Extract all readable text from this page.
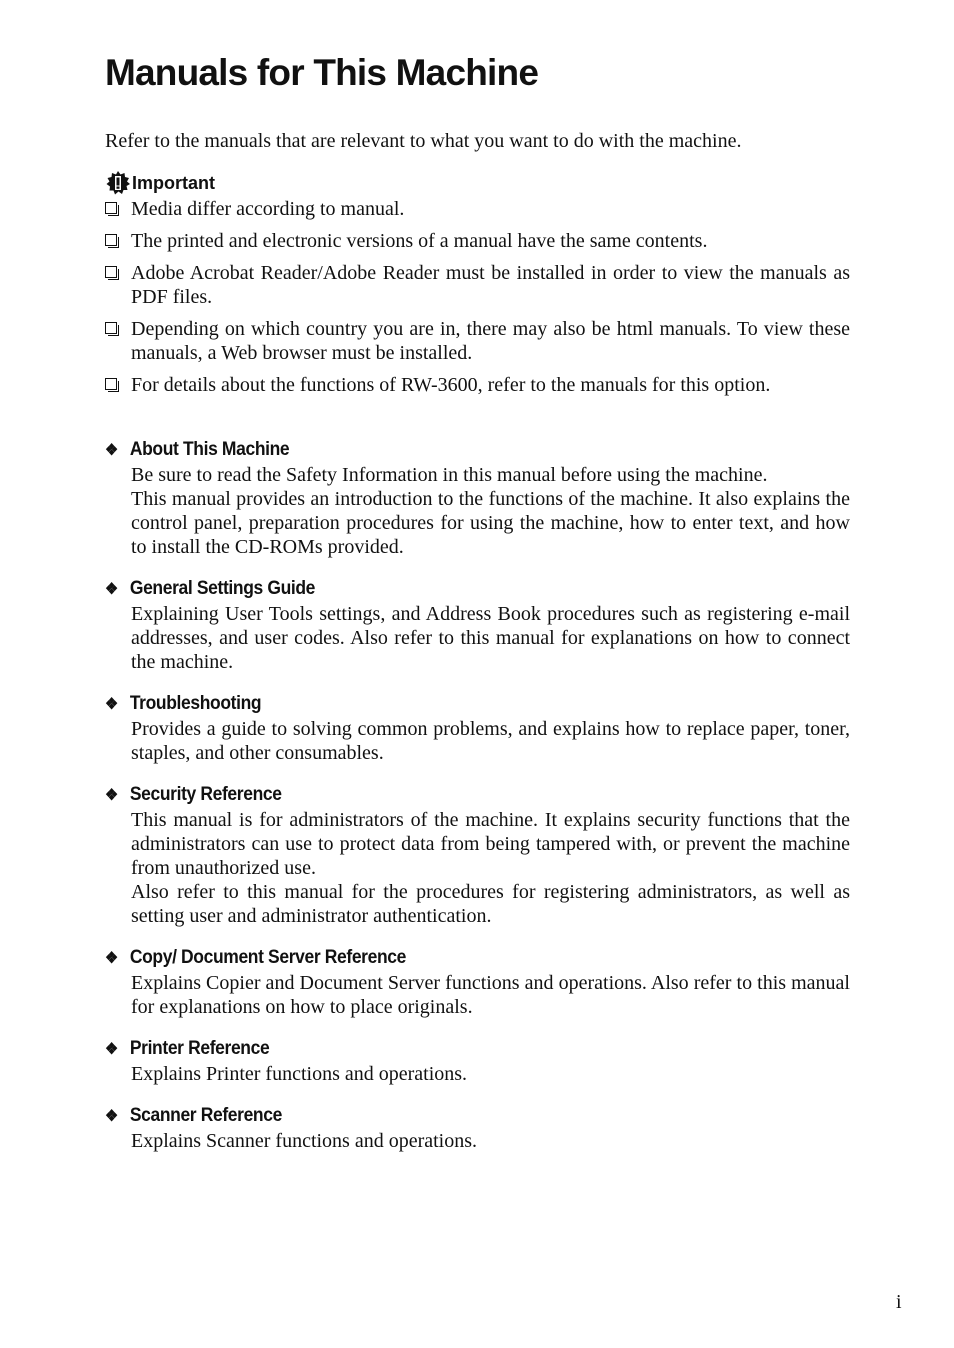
Manuals for This Machine
Refer to the manuals that are relevant to what you want to do with the machine.
Important
Media differ according to manual.
The printed and electronic versions of a manual have the same contents.
Adobe Acrobat Reader/Adobe Reader must be installed in order to view the manuals as PDF files.
Depending on which country you are in, there may also be html manuals. To view these manuals, a Web browser must be installed.
For details about the functions of RW-3600, refer to the manuals for this option.
❖ About This Machine

Be sure to read the Safety Information in this manual before using the machine.

This manual provides an introduction to the functions of the machine. It also explains the control panel, preparation procedures for using the machine, how to enter text, and how to install the CD-ROMs provided.

❖ General Settings Guide

Explaining User Tools settings, and Address Book procedures such as registering e-mail addresses, and user codes. Also refer to this manual for explanations on how to connect the machine.

❖ Troubleshooting

Provides a guide to solving common problems, and explains how to replace paper, toner, staples, and other consumables.

❖ Security Reference

This manual is for administrators of the machine. It explains security functions that the administrators can use to protect data from being tampered with, or prevent the machine from unauthorized use.

Also refer to this manual for the procedures for registering administrators, as well as setting user and administrator authentication.

❖ Copy/ Document Server Reference

Explains Copier and Document Server functions and operations. Also refer to this manual for explanations on how to place originals.

❖ Printer Reference

Explains Printer functions and operations.

❖ Scanner Reference

Explains Scanner functions and operations.

i
